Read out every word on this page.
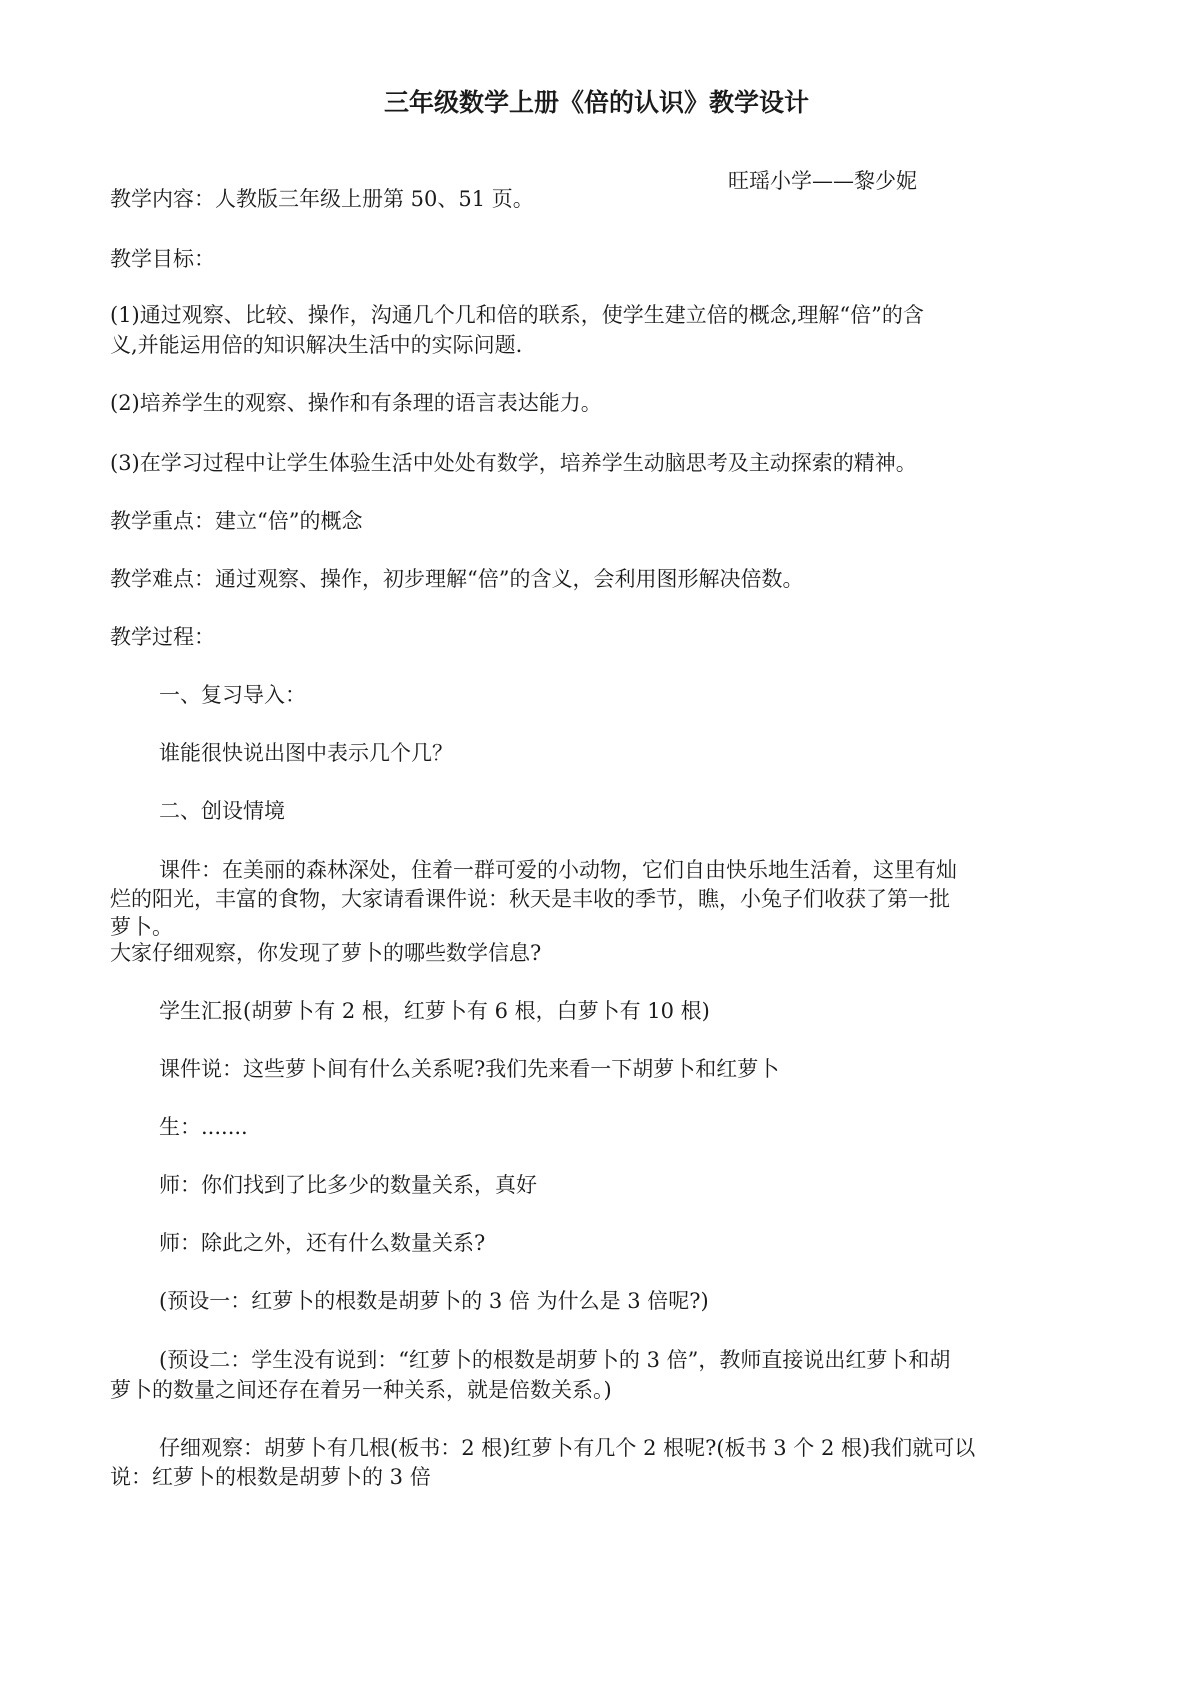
三年级数学上册《倍的认识》教学设计
旺瑶小学——黎少妮
教学内容：人教版三年级上册第 50、51 页。
教学目标：
(1)通过观察、比较、操作，沟通几个几和倍的联系，使学生建立倍的概念,理解“倍”的含
义,并能运用倍的知识解决生活中的实际问题.
(2)培养学生的观察、操作和有条理的语言表达能力。
(3)在学习过程中让学生体验生活中处处有数学，培养学生动脑思考及主动探索的精神。
教学重点：建立“倍”的概念
教学难点：通过观察、操作，初步理解“倍”的含义，会利用图形解决倍数。
教学过程：
一、复习导入：
谁能很快说出图中表示几个几？
二、创设情境
课件：在美丽的森林深处，住着一群可爱的小动物，它们自由快乐地生活着，这里有灿
烂的阳光，丰富的食物，大家请看课件说：秋天是丰收的季节，瞧，小兔子们收获了第一批
萝卜。
大家仔细观察，你发现了萝卜的哪些数学信息?
学生汇报(胡萝卜有 2 根，红萝卜有 6 根，白萝卜有 10 根)
课件说：这些萝卜间有什么关系呢?我们先来看一下胡萝卜和红萝卜
生：.......
师：你们找到了比多少的数量关系，真好
师：除此之外，还有什么数量关系?
(预设一：红萝卜的根数是胡萝卜的 3 倍 为什么是 3 倍呢?)
(预设二：学生没有说到：“红萝卜的根数是胡萝卜的 3 倍”，教师直接说出红萝卜和胡
萝卜的数量之间还存在着另一种关系，就是倍数关系。)
仔细观察：胡萝卜有几根(板书：2 根)红萝卜有几个 2 根呢?(板书 3 个 2 根)我们就可以
说：红萝卜的根数是胡萝卜的 3 倍
